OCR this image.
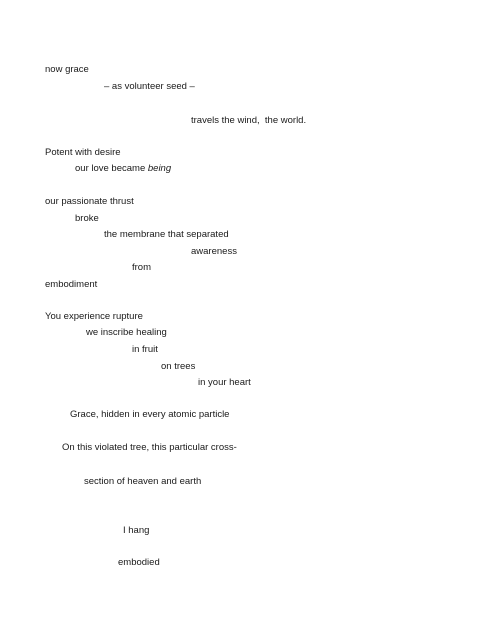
now grace
– as volunteer seed –
travels the wind,  the world.
Potent with desire
our love became being
our passionate thrust
broke
the membrane that separated
awareness
from
embodiment
You experience rupture
we inscribe healing
in fruit
on trees
in your heart
Grace, hidden in every atomic particle
On this violated tree, this particular cross-
section of heaven and earth
I hang
embodied
